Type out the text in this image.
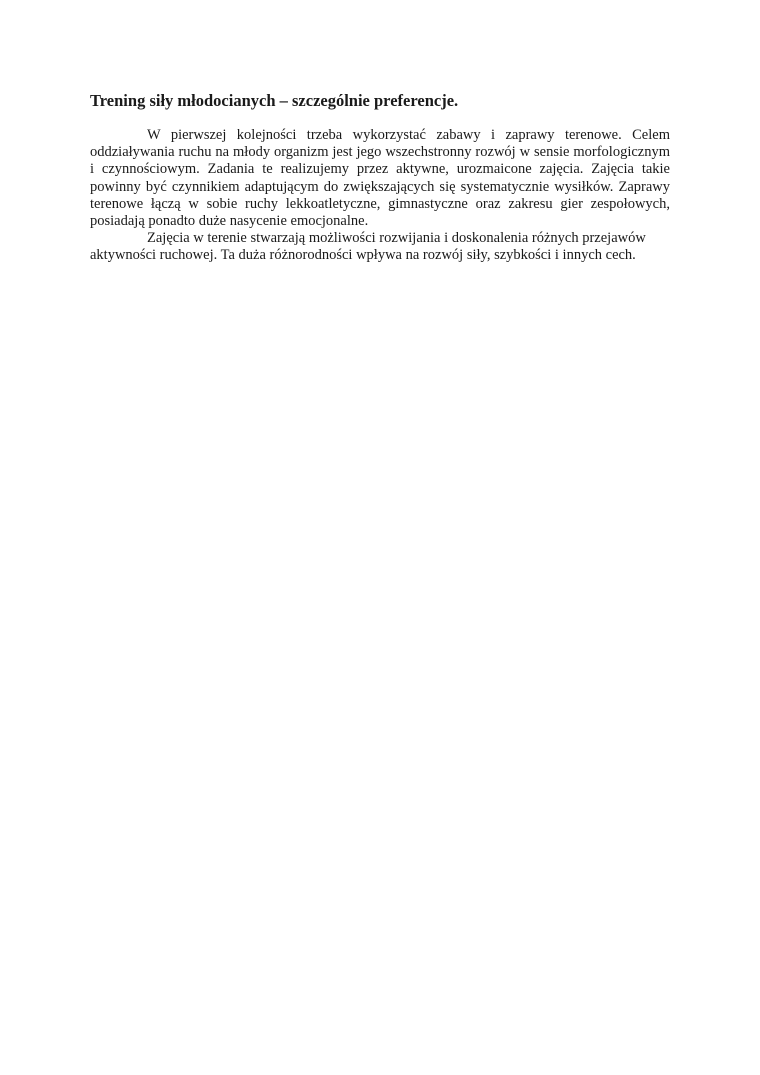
Trening siły młodocianych – szczególnie preferencje.

W pierwszej kolejności trzeba wykorzystać zabawy i zaprawy terenowe. Celem oddziaływania ruchu na młody organizm jest jego wszechstronny rozwój w sensie morfologicznym i czynnościowym. Zadania te realizujemy przez aktywne, urozmaicone zajęcia. Zajęcia takie powinny być czynnikiem adaptującym do zwiększających się systematycznie wysiłków. Zaprawy terenowe łączą w sobie ruchy lekkoatletyczne, gimnastyczne oraz zakresu gier zespołowych, posiadają ponadto duże nasycenie emocjonalne.

Zajęcia w terenie stwarzają możliwości rozwijania i doskonalenia różnych przejawów aktywności ruchowej. Ta duża różnorodności wpływa na rozwój siły, szybkości i innych cech.
